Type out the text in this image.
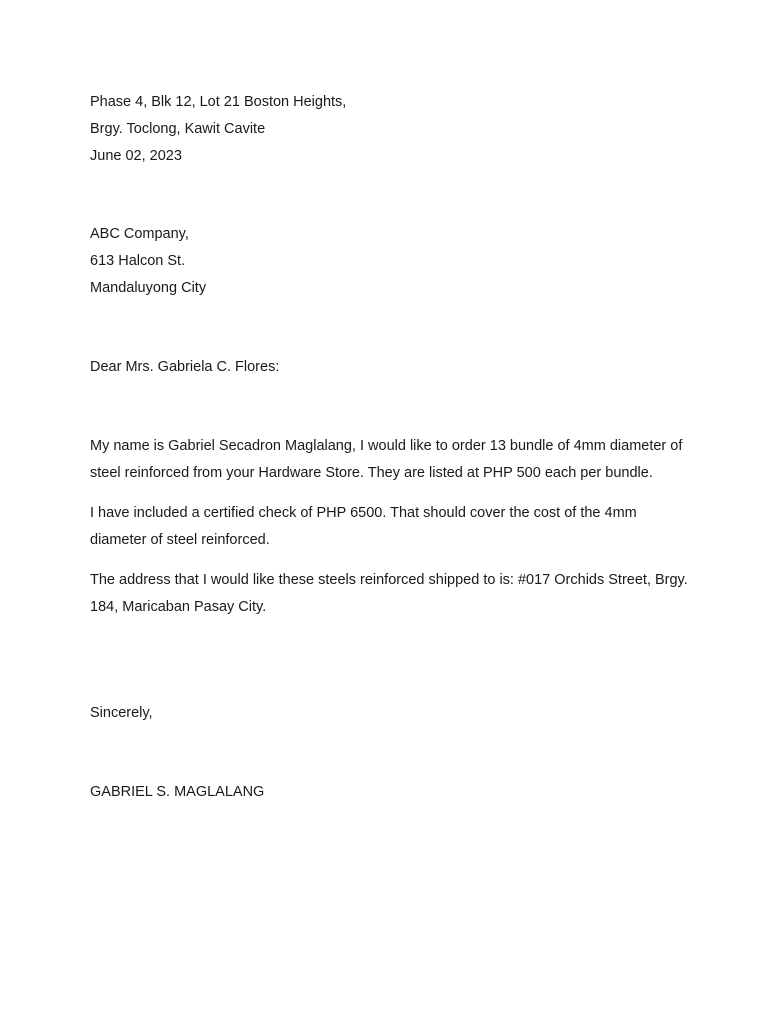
Phase 4, Blk 12, Lot 21 Boston Heights,
Brgy. Toclong, Kawit Cavite
June 02, 2023
ABC Company,
613 Halcon St.
Mandaluyong City
Dear Mrs. Gabriela C. Flores:
My name is Gabriel Secadron Maglalang, I would like to order 13 bundle of 4mm diameter of steel reinforced from your Hardware Store. They are listed at PHP 500 each per bundle.
I have included a certified check of PHP 6500. That should cover the cost of the 4mm diameter of steel reinforced.
The address that I would like these steels reinforced shipped to is: #017 Orchids Street, Brgy. 184, Maricaban Pasay City.
Sincerely,
GABRIEL S. MAGLALANG
